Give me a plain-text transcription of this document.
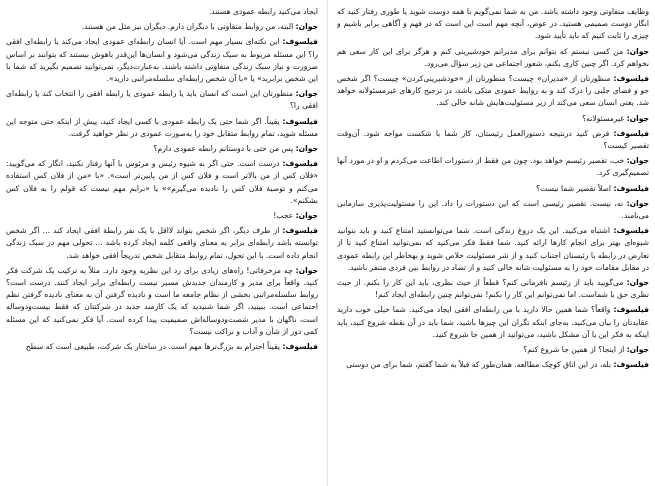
وظایف متفاوتی وجود داشته باشد. من به شما نمی‌گویم با همه دوست شوید یا طوری رفتار کنید که انگار دوست صمیمی هستید. در عوض، آنچه مهم است این است که در فهم و آگاهی برابر باشیم و چیزی را ثابت کنیم که باید تأیید شود.

جوان: من کسی نیستم که بتوانم برای مدیرانم خودشیرینی کنم و هرگز برای این کار سعی هم نخواهم کرد. اگر چنین کاری بکنم، شعور اجتماعی من زیر سؤال می‌رود.

فیلسوف: منظورتان از «مدیران» چیست؟ منظورتان از «خودشیرینی‌کردن» چیست؟ اگر شخص جو و فضای جلبی را درک کند و به روابط عمودی متکی باشد، در ترجیح کارهای غیرمسئولانه خواهد شد. یعنی انسان سعی می‌کند از زیر مسئولیت‌هایش شانه خالی کند.

جوان: غیرمسئولانه؟

فیلسوف: فرض کنید درنتیجه دستورالعمل رئیستان، کار شما با شکست مواجه شود. آن‌وقت تقصیر کیست؟

جوان: خب، تقصیر رئیسم خواهد بود. چون من فقط از دستورات اطاعت می‌کردم و او در مورد آنها تصمیم‌گیری کرد.

فیلسوف: اصلاً تقصیر شما نیست؟

جوان: نه، نیست. تقصیر رئیسی است که این دستورات را داد. این را مسئولیت‌پذیری سازمانی می‌نامند.

فیلسوف: اشتباه می‌کنید. این یک دروغ زندگی است. شما می‌توانستید امتناع کنید و باید بتوانید شیوه‌ای بهتر برای انجام کارها ارائه کنید. شما فقط فکر می‌کنید که نمی‌توانید امتناع کنید تا از تعارض در رابطه با رئیستان اجتناب کنید و از شر مسئولیت خلاص شوید و بهخاطر این رابطه عمودی در مقابل مقامات خود را به مسئولیت شانه خالی کنید و از تضاد در روابط بین فردی متنفر باشید.

جوان: می‌گویید باید از رئیسم نافرمانی کنم؟ قطعاً از حیث نظری، باید این کار را بکنم. از حیث نظری حق با شماست. اما نمی‌توانم این کار را بکنم! نمی‌توانم چنین رابطه‌ای ایجاد کنم!

فیلسوف: واقعاً؟ شما همین حالا دارید با من رابطه‌ای افقی ایجاد می‌کنید. شما خیلی خوب دارید عقایدتان را بیان می‌کنید. به‌جای اینکه نگران این چیزها باشید، شما باید در آن نقطه شروع کنید، باید اینکه به فکر این یا آن مشکل باشید، می‌توانید از همین جا شروع کنید.

جوان: از اینجا؟ از همین جا شروع کنم؟

فیلسوف: بله، در این اتاق کوچک مطالعه. همان‌طور که قبلاً به شما گفتم، شما برای من دوستی

ایجاد می‌کنید رابطه عمودی هستند.

جوان: البته، من روابط متفاوتی با دیگران دارم. دیگران نیز مثل من هستند.

فیلسوف: این نکته‌ای بسیار مهم است. آیا انسان رابطه‌ای عمودی ایجاد می‌کند یا رابطه‌ای افقی را؟ این مسئله مربوط به سبک زندگی می‌شود و انسان‌ها این‌قدر باهوش نیستند که بتوانند بر اساس ضرورت و نیاز سبک زندگی متفاوتی داشته باشند. به‌عبارت‌دیگر، نمی‌توانید تصمیم بگیرید که شما با این شخص برابرید» یا «با آن شخص رابطه‌ای سلسله‌مراتبی دارید».

جوان: منظورتان این است که انسان باید یا رابطه عمودی یا رابطه افقی را انتخاب کند یا رابطه‌ای افقی را؟

فیلسوف: یقیناً. اگر شما حتی یک رابطه عمودی با کسی ایجاد کنید، پیش از اینکه حتی متوجه این مسئله شوید، تمام روابط متقابل خود را به‌صورت عمودی در نظر خواهید گرفت.

جوان: پس من حتی با دوستانم رابطه عمودی دارم؟

فیلسوف: درست است. حتی اگر به شیوه رئیس و مرئوس با آنها رفتار نکنید، انگار که می‌گویید: «فلان کس از من بالاتر است و فلان کس از من پایین‌تر است». «با «من از فلان کس استفاده می‌کنم و توصیهٔ فلان کس را نادیده می‌گیرم»» یا «برایم مهم نیست که قولم را به فلان کس بشکنم».

جوان: عجب!

فیلسوف: از طرف دیگر، اگر شخص بتواند لااقل با یک نفر رابطهٔ افقی ایجاد کند ... اگر شخص توانسته باشد رابطه‌ای برابر به معنای واقعی کلمه ایجاد کرده باشد ... تحولی مهم در سبک زندگی انجام داده است. با این تحول، تمام روابط متقابل شخص تدریجاً افقی خواهد شد.

جوان: چه مزخرفاتی! راه‌های زیادی برای رد این نظریه وجود دارد. مثلاً به ترکیب یک شرکت فکر کنید. واقعاً برای مدیر و کارمندان جدیدش مسیر نیست رابطه‌ای برابر ایجاد کنند. درست است؟ روابط سلسله‌مراتبی بخشی از نظام جامعه ما است و نادیده گرفتن آن به معنای نادیده گرفتن نظم اجتماعی است. ببینید، اگر شما شنیدید که یک کارمند جدید در شرکتتان که فقط بیست‌ودوساله است، ناگهان با مدیر شصت‌ودوساله‌اش صمیمیت پیدا کرده است. آیا فکر نمی‌کنید که این مسئله کمی دور از شأن و آداب و نزاکت نیست؟

فیلسوف: یقیناً احترام به بزرگ‌ترها مهم است. در ساختار یک شرکت، طبیعی است که سطح
